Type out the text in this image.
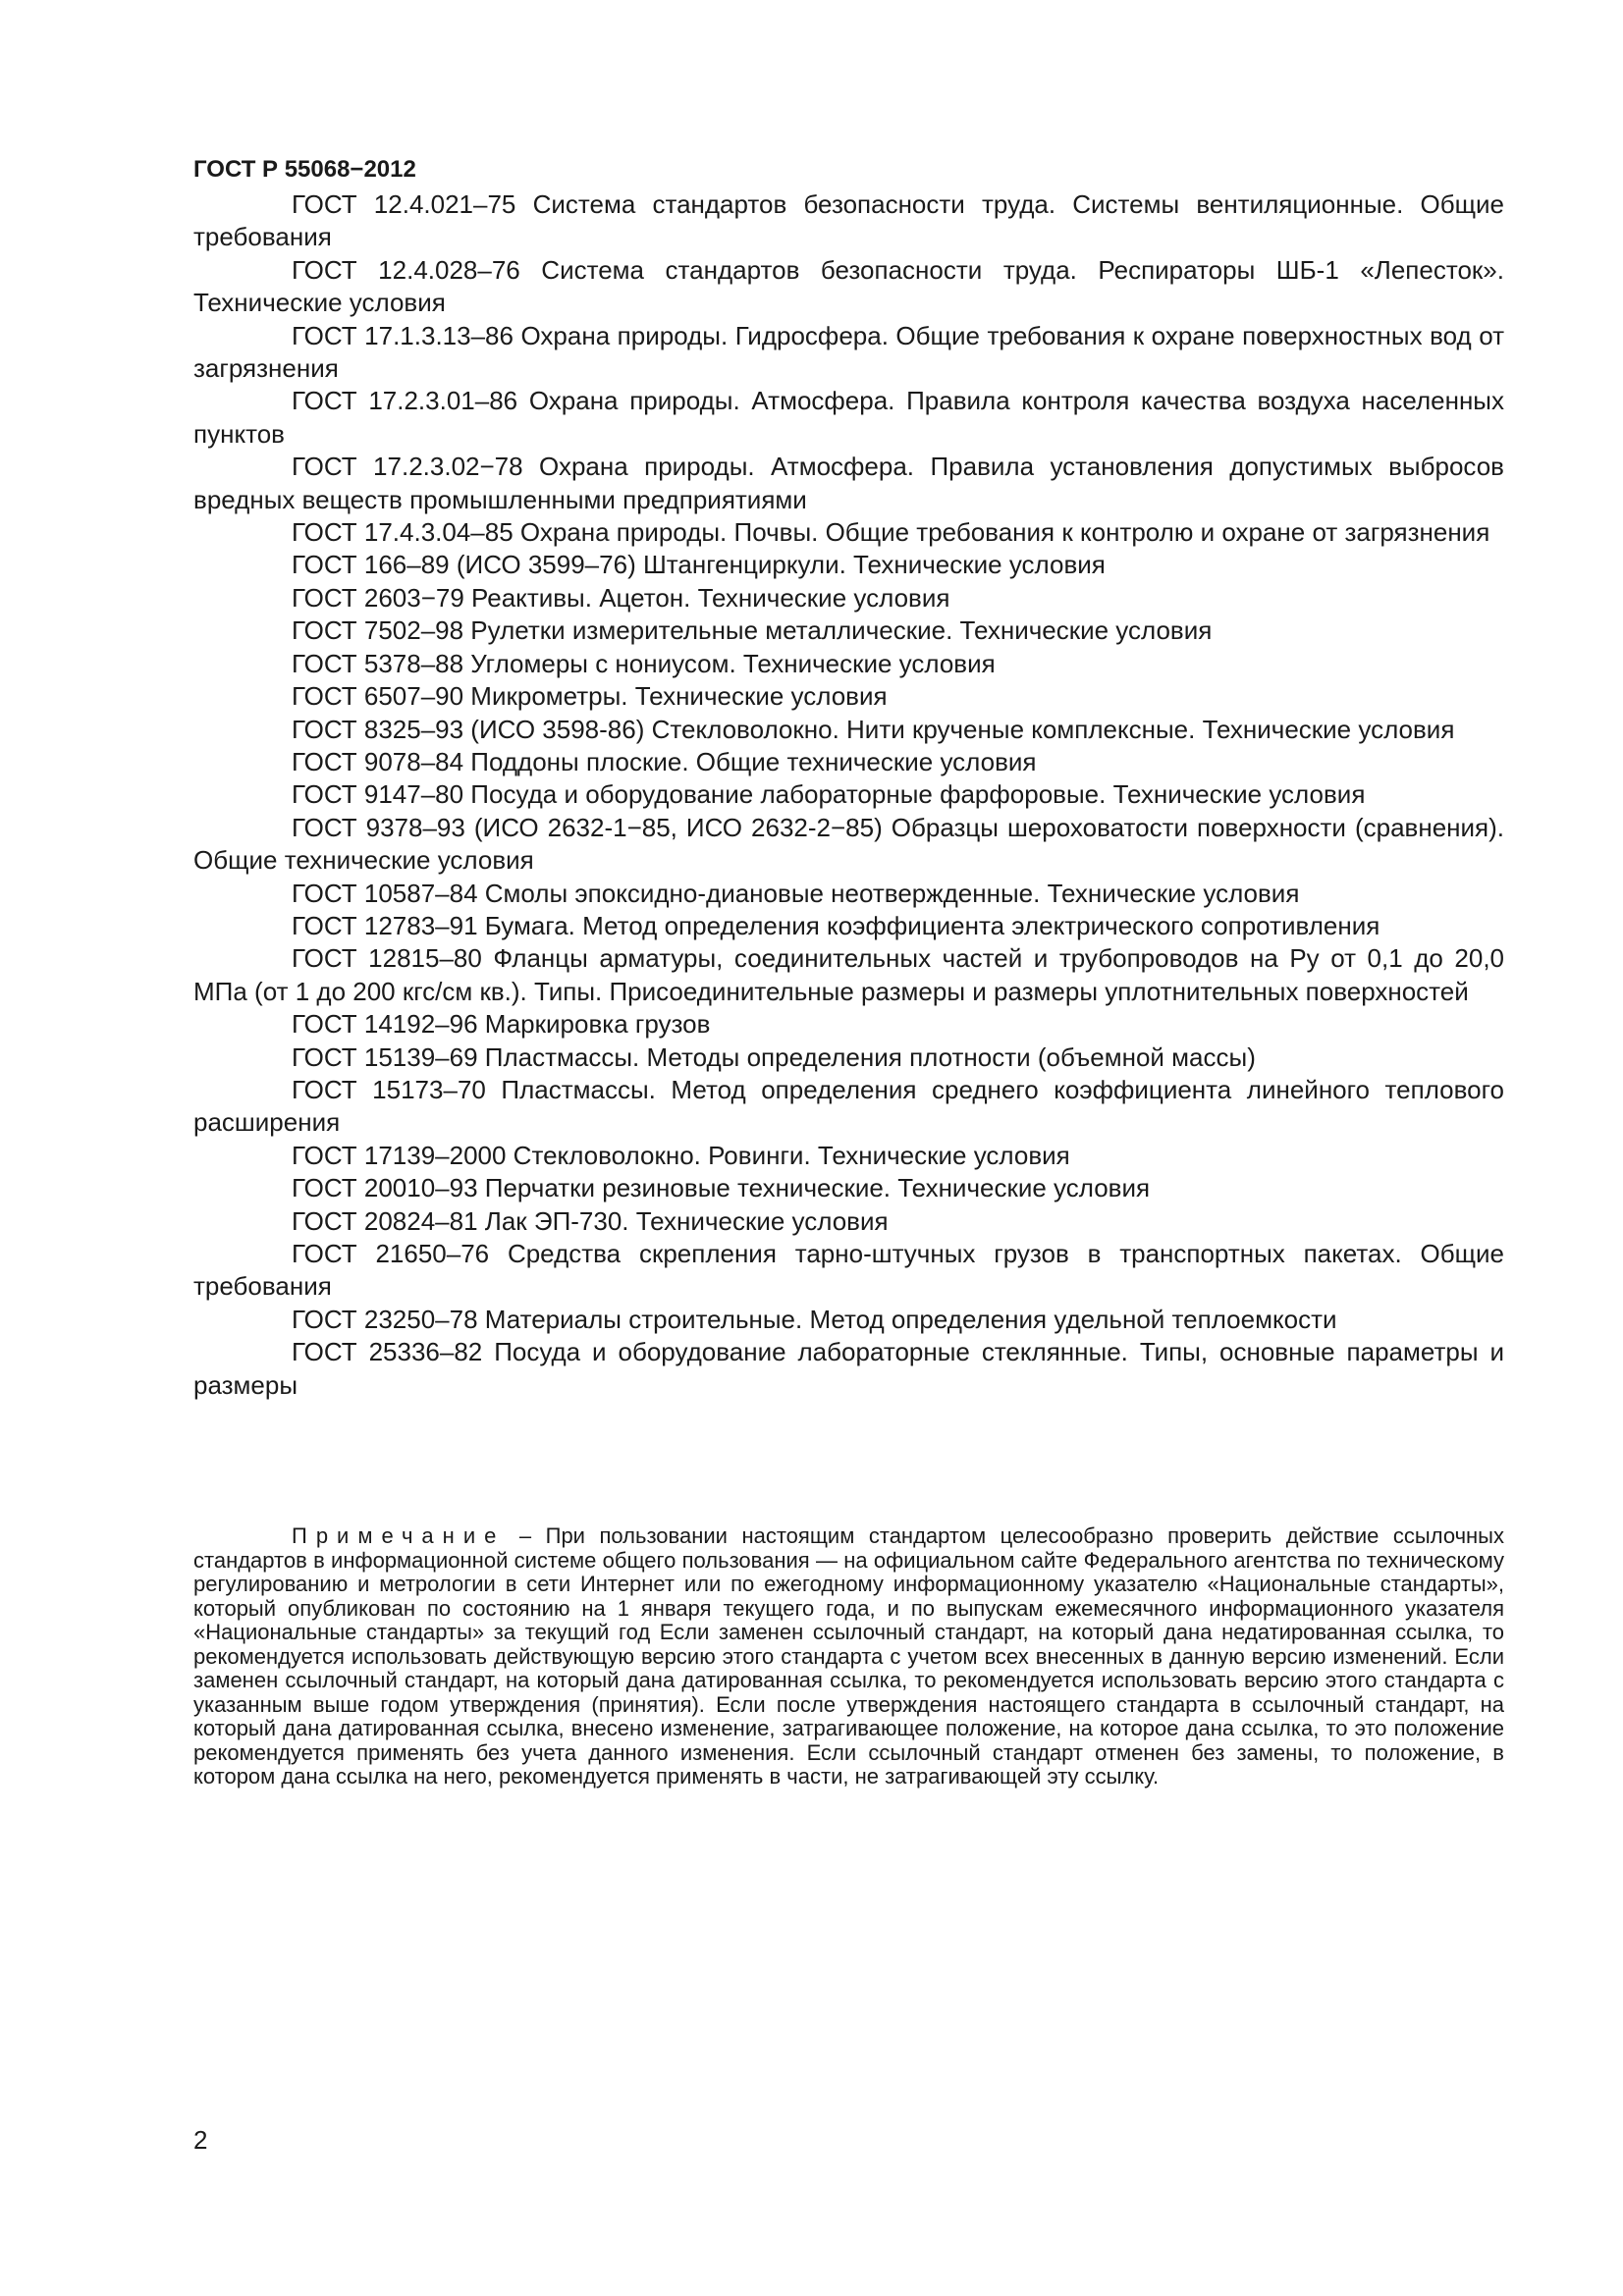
ГОСТ Р 55068−2012

ГОСТ 12.4.021–75 Система стандартов безопасности труда. Системы вентиляционные. Общие требования

ГОСТ 12.4.028–76 Система стандартов безопасности труда. Респираторы ШБ-1 «Лепесток». Технические условия

ГОСТ 17.1.3.13–86 Охрана природы. Гидросфера. Общие требования к охране поверхностных вод от загрязнения

ГОСТ 17.2.3.01–86 Охрана природы. Атмосфера. Правила контроля качества воздуха населенных пунктов

ГОСТ 17.2.3.02−78 Охрана природы. Атмосфера. Правила установления допустимых выбросов вредных веществ промышленными предприятиями

ГОСТ 17.4.3.04–85 Охрана природы. Почвы. Общие требования к контролю и охране от загрязнения

ГОСТ 166–89 (ИСО 3599–76) Штангенциркули. Технические условия

ГОСТ 2603−79 Реактивы. Ацетон. Технические условия

ГОСТ 7502–98 Рулетки измерительные металлические. Технические условия

ГОСТ 5378–88 Угломеры с нониусом. Технические условия

ГОСТ 6507–90 Микрометры. Технические условия

ГОСТ 8325–93 (ИСО 3598-86) Стекловолокно. Нити крученые комплексные. Технические условия

ГОСТ 9078–84 Поддоны плоские. Общие технические условия

ГОСТ 9147–80 Посуда и оборудование лабораторные фарфоровые. Технические условия

ГОСТ 9378–93 (ИСО 2632-1−85, ИСО 2632-2−85) Образцы шероховатости поверхности (сравнения). Общие технические условия

ГОСТ 10587–84 Смолы эпоксидно-диановые неотвержденные. Технические условия

ГОСТ 12783–91 Бумага. Метод определения коэффициента электрического сопротивления

ГОСТ 12815–80 Фланцы арматуры, соединительных частей и трубопроводов на Ру от 0,1 до 20,0 МПа (от 1 до 200 кгс/см кв.). Типы. Присоединительные размеры и размеры уплотнительных поверхностей

ГОСТ 14192–96 Маркировка грузов

ГОСТ 15139–69 Пластмассы. Методы определения плотности (объемной массы)

ГОСТ 15173–70 Пластмассы. Метод определения среднего коэффициента линейного теплового расширения

ГОСТ 17139–2000 Стекловолокно. Ровинги. Технические условия

ГОСТ 20010–93 Перчатки резиновые технические. Технические условия

ГОСТ 20824–81 Лак ЭП-730. Технические условия

ГОСТ 21650–76 Средства скрепления тарно-штучных грузов в транспортных пакетах. Общие требования

ГОСТ 23250–78 Материалы строительные. Метод определения удельной теплоемкости

ГОСТ 25336–82 Посуда и оборудование лабораторные стеклянные. Типы, основные параметры и размеры

Примечание – При пользовании настоящим стандартом целесообразно проверить действие ссылочных стандартов в информационной системе общего пользования — на официальном сайте Федерального агентства по техническому регулированию и метрологии в сети Интернет или по ежегодному информационному указателю «Национальные стандарты», который опубликован по состоянию на 1 января текущего года, и по выпускам ежемесячного информационного указателя «Национальные стандарты» за текущий год Если заменен ссылочный стандарт, на который дана недатированная ссылка, то рекомендуется использовать действующую версию этого стандарта с учетом всех внесенных в данную версию изменений. Если заменен ссылочный стандарт, на который дана датированная ссылка, то рекомендуется использовать версию этого стандарта с указанным выше годом утверждения (принятия). Если после утверждения настоящего стандарта в ссылочный стандарт, на который дана датированная ссылка, внесено изменение, затрагивающее положение, на которое дана ссылка, то это положение рекомендуется применять без учета данного изменения. Если ссылочный стандарт отменен без замены, то положение, в котором дана ссылка на него, рекомендуется применять в части, не затрагивающей эту ссылку.

2
